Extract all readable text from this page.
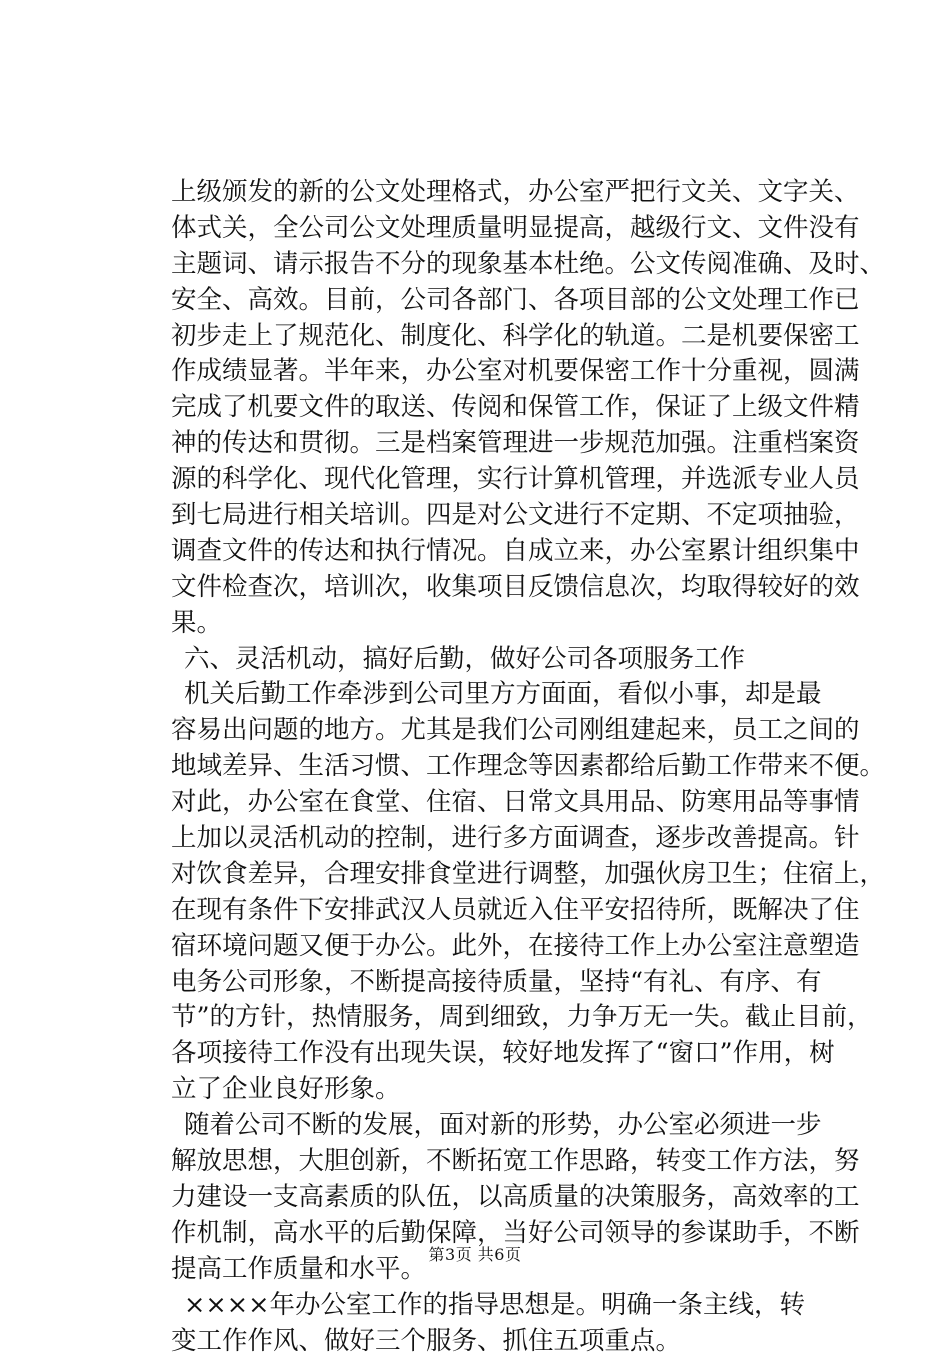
上级颁发的新的公文处理格式，办公室严把行文关、文字关、
体式关，全公司公文处理质量明显提高，越级行文、文件没有
主题词、请示报告不分的现象基本杜绝。公文传阅准确、及时、
安全、高效。目前，公司各部门、各项目部的公文处理工作已
初步走上了规范化、制度化、科学化的轨道。二是机要保密工
作成绩显著。半年来，办公室对机要保密工作十分重视，圆满
完成了机要文件的取送、传阅和保管工作，保证了上级文件精
神的传达和贯彻。三是档案管理进一步规范加强。注重档案资
源的科学化、现代化管理，实行计算机管理，并选派专业人员
到七局进行相关培训。四是对公文进行不定期、不定项抽验，
调查文件的传达和执行情况。自成立来，办公室累计组织集中
文件检查次，培训次，收集项目反馈信息次，均取得较好的效
果。
六、灵活机动，搞好后勤，做好公司各项服务工作
机关后勤工作牵涉到公司里方方面面，看似小事，却是最
容易出问题的地方。尤其是我们公司刚组建起来，员工之间的
地域差异、生活习惯、工作理念等因素都给后勤工作带来不便。
对此，办公室在食堂、住宿、日常文具用品、防寒用品等事情
上加以灵活机动的控制，进行多方面调查，逐步改善提高。针
对饮食差异，合理安排食堂进行调整，加强伙房卫生；住宿上，
在现有条件下安排武汉人员就近入住平安招待所，既解决了住
宿环境问题又便于办公。此外，在接待工作上办公室注意塑造
电务公司形象，不断提高接待质量，坚持“有礼、有序、有
节”的方针，热情服务，周到细致，力争万无一失。截止目前，
各项接待工作没有出现失误，较好地发挥了“窗口”作用，树
立了企业良好形象。
随着公司不断的发展，面对新的形势，办公室必须进一步
解放思想，大胆创新，不断拓宽工作思路，转变工作方法，努
力建设一支高素质的队伍，以高质量的决策服务，高效率的工
作机制，高水平的后勤保障，当好公司领导的参谋助手，不断
提高工作质量和水平。
××××年办公室工作的指导思想是。明确一条主线，转
变工作作风、做好三个服务、抓住五项重点。
第3页 共6页
